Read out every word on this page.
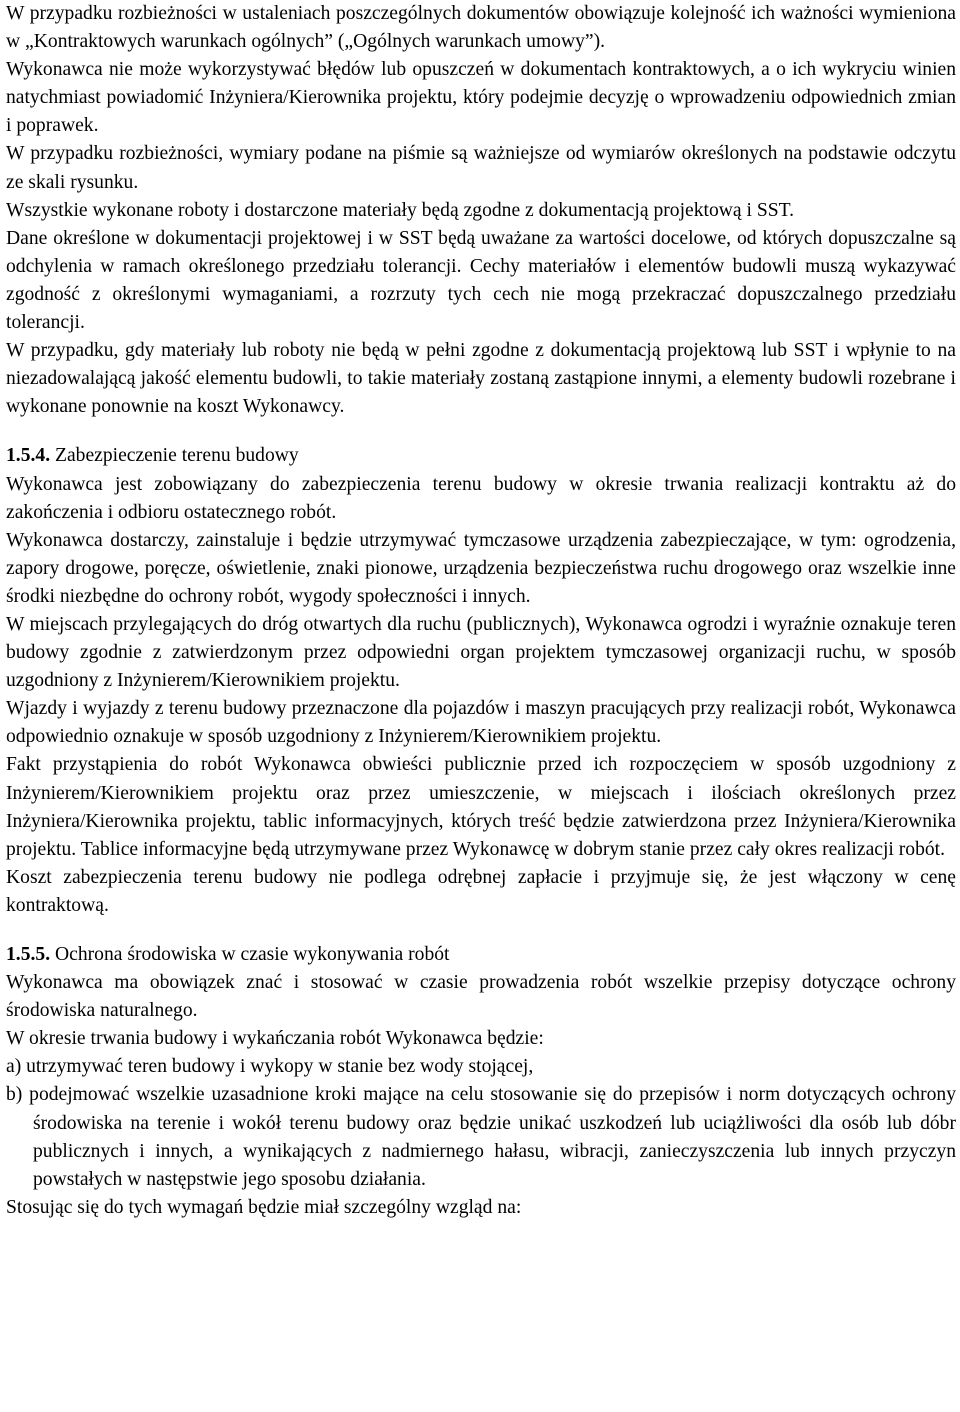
W przypadku rozbieżności w ustaleniach poszczególnych dokumentów obowiązuje kolejność ich ważności wymieniona w „Kontraktowych warunkach ogólnych” („Ogólnych warunkach umowy”).

Wykonawca nie może wykorzystywać błędów lub opuszczeń w dokumentach kontraktowych, a o ich wykryciu winien natychmiast powiadomić Inżyniera/Kierownika projektu, który podejmie decyzję o wprowadzeniu odpowiednich zmian i poprawek.

W przypadku rozbieżności, wymiary podane na piśmie są ważniejsze od wymiarów określonych na podstawie odczytu ze skali rysunku.

Wszystkie wykonane roboty i dostarczone materiały będą zgodne z dokumentacją projektową i SST.

Dane określone w dokumentacji projektowej i w SST będą uważane za wartości docelowe, od których dopuszczalne są odchylenia w ramach określonego przedziału tolerancji. Cechy materiałów i elementów budowli muszą wykazywać zgodność z określonymi wymaganiami, a rozrzuty tych cech nie mogą przekraczać dopuszczalnego przedziału tolerancji.

W przypadku, gdy materiały lub roboty nie będą w pełni zgodne z dokumentacją projektową lub SST i wpłynie to na niezadowalającą jakość elementu budowli, to takie materiały zostaną zastąpione innymi, a elementy budowli rozebrane i wykonane ponownie na koszt Wykonawcy.

1.5.4. Zabezpieczenie terenu budowy

Wykonawca jest zobowiązany do zabezpieczenia terenu budowy w okresie trwania realizacji kontraktu aż do zakończenia i odbioru ostatecznego robót.

Wykonawca dostarczy, zainstaluje i będzie utrzymywać tymczasowe urządzenia zabezpieczające, w tym: ogrodzenia, zapory drogowe, poręcze, oświetlenie, znaki pionowe, urządzenia bezpieczeństwa ruchu drogowego oraz wszelkie inne środki niezbędne do ochrony robót, wygody społeczności i innych.

W miejscach przylegających do dróg otwartych dla ruchu (publicznych), Wykonawca ogrodzi i wyraźnie oznakuje teren budowy zgodnie z zatwierdzonym przez odpowiedni organ projektem tymczasowej organizacji ruchu, w sposób uzgodniony z Inżynierem/Kierownikiem projektu.

Wjazdy i wyjazdy z terenu budowy przeznaczone dla pojazdów i maszyn pracujących przy realizacji robót, Wykonawca odpowiednio oznakuje w sposób uzgodniony z Inżynierem/Kierownikiem projektu.

Fakt przystąpienia do robót Wykonawca obwieści publicznie przed ich rozpoczęciem w sposób uzgodniony z Inżynierem/Kierownikiem projektu oraz przez umieszczenie, w miejscach i ilościach określonych przez Inżyniera/Kierownika projektu, tablic informacyjnych, których treść będzie zatwierdzona przez Inżyniera/Kierownika projektu. Tablice informacyjne będą utrzymywane przez Wykonawcę w dobrym stanie przez cały okres realizacji robót.

Koszt zabezpieczenia terenu budowy nie podlega odrębnej zapłacie i przyjmuje się, że jest włączony w cenę kontraktową.

1.5.5. Ochrona środowiska w czasie wykonywania robót

Wykonawca ma obowiązek znać i stosować w czasie prowadzenia robót wszelkie przepisy dotyczące ochrony środowiska naturalnego.

W okresie trwania budowy i wykańczania robót Wykonawca będzie:

a) utrzymywać teren budowy i wykopy w stanie bez wody stojącej,

b) podejmować wszelkie uzasadnione kroki mające na celu stosowanie się do przepisów i norm dotyczących ochrony środowiska na terenie i wokół terenu budowy oraz będzie unikać uszkodzeń lub uciążliwości dla osób lub dóbr publicznych i innych, a wynikających z nadmiernego hałasu, wibracji, zanieczyszczenia lub innych przyczyn powstałych w następstwie jego sposobu działania.

Stosując się do tych wymagań będzie miał szczególny wzgląd na:
